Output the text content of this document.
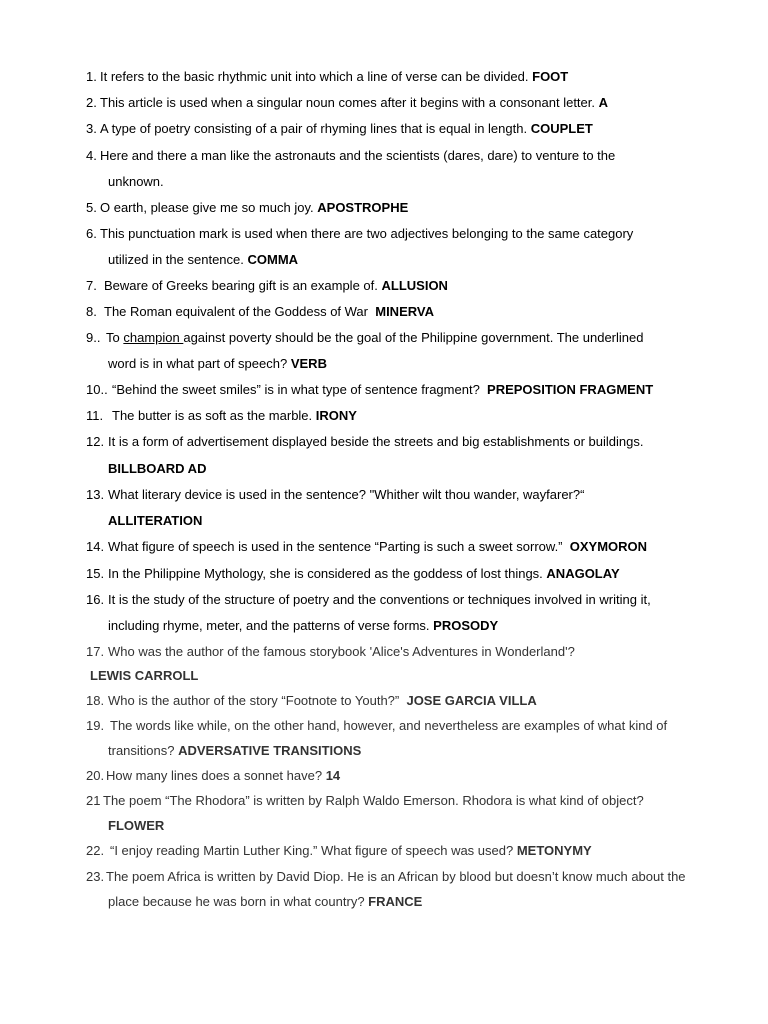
1. It refers to the basic rhythmic unit into which a line of verse can be divided. FOOT
2. This article is used when a singular noun comes after it begins with a consonant letter. A
3. A type of poetry consisting of a pair of rhyming lines that is equal in length. COUPLET
4. Here and there a man like the astronauts and the scientists (dares, dare) to venture to the
unknown.
5. O earth, please give me so much joy. APOSTROPHE
6. This punctuation mark is used when there are two adjectives belonging to the same category
utilized in the sentence. COMMA
7. Beware of Greeks bearing gift is an example of. ALLUSION
8. The Roman equivalent of the Goddess of War MINERVA
9.. To champion against poverty should be the goal of the Philippine government. The underlined
word is in what part of speech? VERB
10.. “Behind the sweet smiles” is in what type of sentence fragment? PREPOSITION FRAGMENT
11. The butter is as soft as the marble. IRONY
12. It is a form of advertisement displayed beside the streets and big establishments or buildings.
BILLBOARD AD
13. What literary device is used in the sentence? "Whither wilt thou wander, wayfarer?“
ALLITERATION
14. What figure of speech is used in the sentence “Parting is such a sweet sorrow.” OXYMORON
15. In the Philippine Mythology, she is considered as the goddess of lost things. ANAGOLAY
16. It is the study of the structure of poetry and the conventions or techniques involved in writing it,
including rhyme, meter, and the patterns of verse forms. PROSODY
17. Who was the author of the famous storybook 'Alice's Adventures in Wonderland'?
LEWIS CARROLL
18. Who is the author of the story “Footnote to Youth?” JOSE GARCIA VILLA
19. The words like while, on the other hand, however, and nevertheless are examples of what kind of
transitions? ADVERSATIVE TRANSITIONS
20. How many lines does a sonnet have? 14
21 The poem “The Rhodora” is written by Ralph Waldo Emerson. Rhodora is what kind of object?
FLOWER
22. “I enjoy reading Martin Luther King.” What figure of speech was used? METONYMY
23. The poem Africa is written by David Diop. He is an African by blood but doesn’t know much about the
place because he was born in what country? FRANCE
